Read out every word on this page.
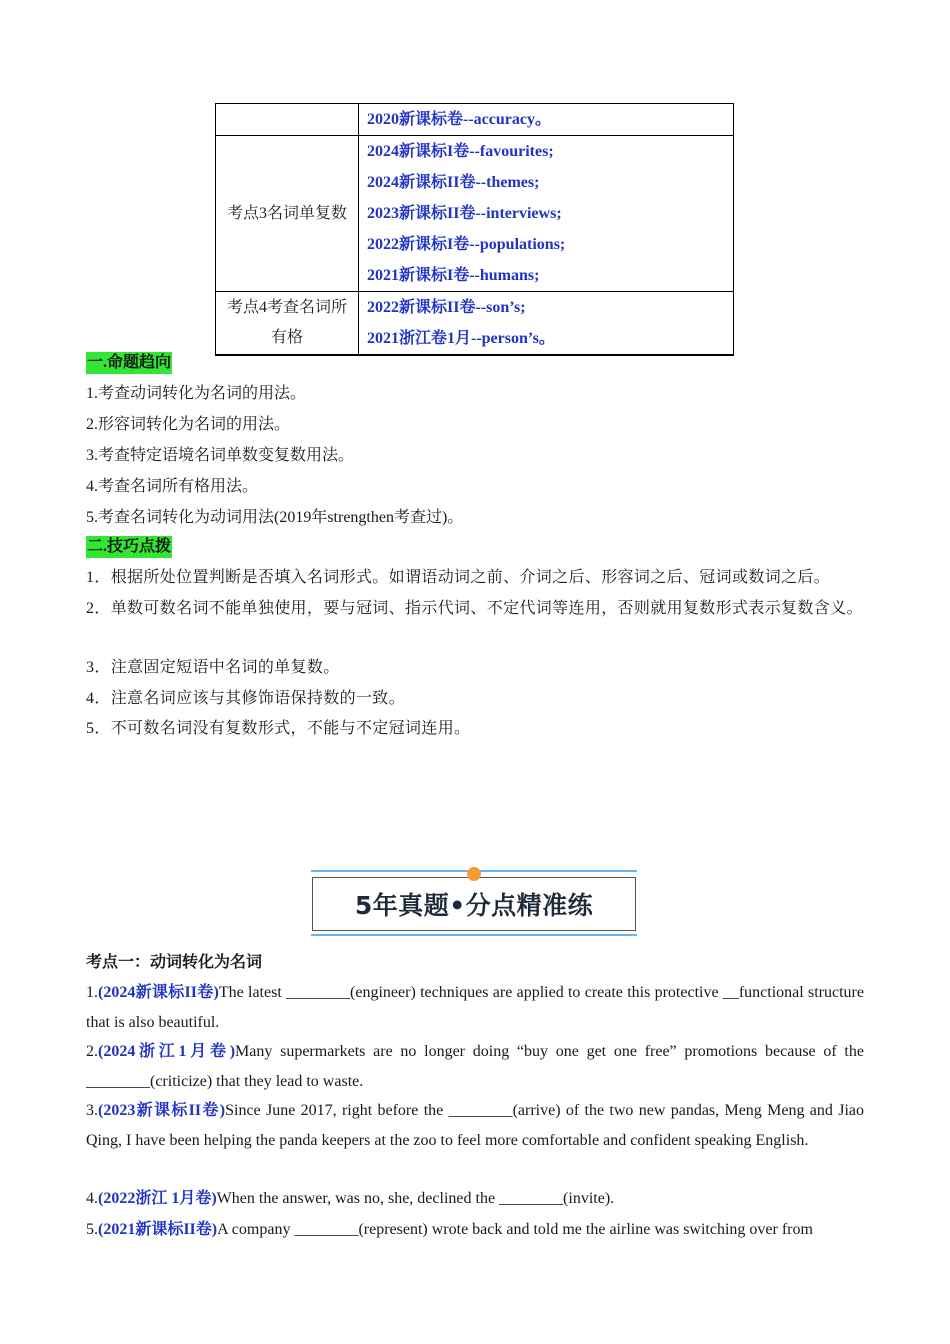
	2020新课标卷--accuracy。

考点3名词单复数	2024新课标I卷--favourites;
2024新课标II卷--themes;
2023新课标II卷--interviews;
2022新课标I卷--populations;
2021新课标I卷--humans;

考点4考查名词所有格	2022新课标II卷--son’s;
2021浙江卷1月--person’s。
一.命题趋向
1.考查动词转化为名词的用法。
2.形容词转化为名词的用法。
3.考查特定语境名词单数变复数用法。
4.考查名词所有格用法。
5.考查名词转化为动词用法(2019年strengthen考查过)。
二.技巧点拨
1．根据所处位置判断是否填入名词形式。如谓语动词之前、介词之后、形容词之后、冠词或数词之后。
2．单数可数名词不能单独使用，要与冠词、指示代词、不定代词等连用，否则就用复数形式表示复数含义。
3．注意固定短语中名词的单复数。
4．注意名词应该与其修饰语保持数的一致。
5．不可数名词没有复数形式，不能与不定冠词连用。
5年真题•分点精准练
考点一：动词转化为名词
1.(2024新课标II卷)The latest ________(engineer) techniques are applied to create this protective __functional structure that is also beautiful.
2.(2024浙江1月卷)Many supermarkets are no longer doing “buy one get one free” promotions because of the ________(criticize) that they lead to waste.
3.(2023新课标II卷)Since June 2017, right before the ________(arrive) of the two new pandas, Meng Meng and Jiao Qing, I have been helping the panda keepers at the zoo to feel more comfortable and confident speaking English.
4.(2022浙江 1月卷)When the answer, was no, she, declined the ________(invite).
5.(2021新课标II卷)A company ________(represent) wrote back and told me the airline was switching over from
